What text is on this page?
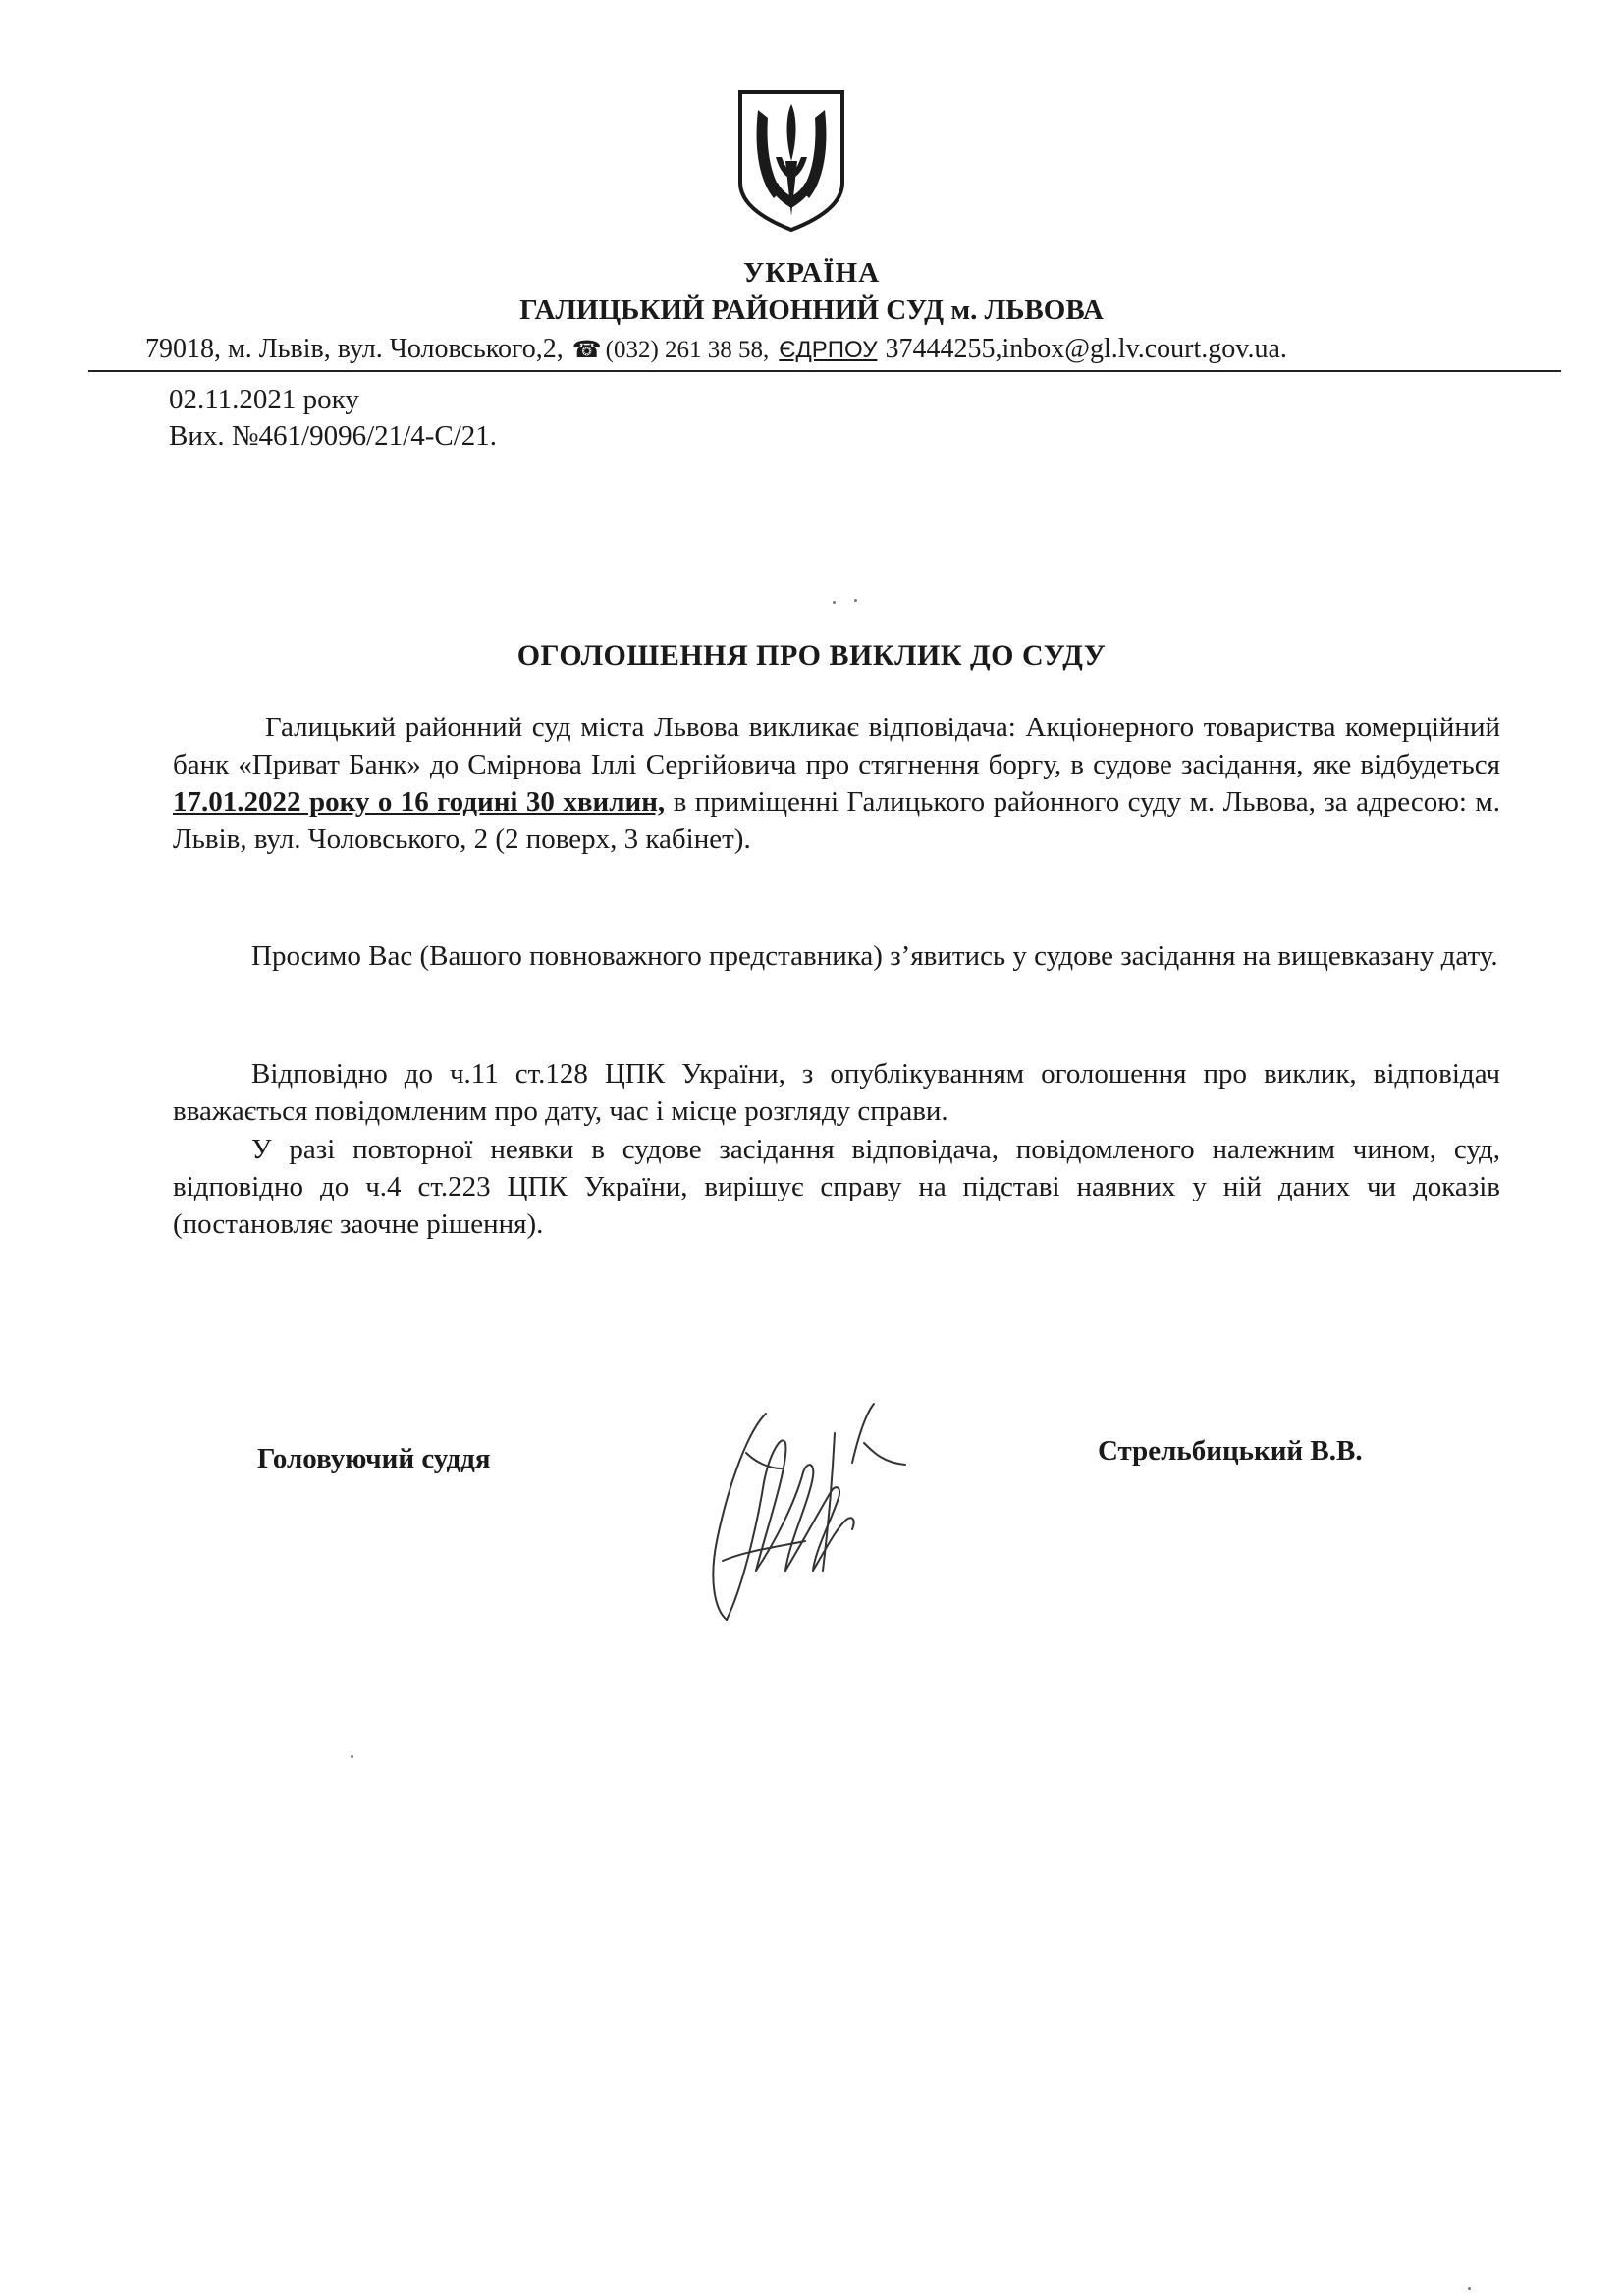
УКРАЇНА
ГАЛИЦЬКИЙ РАЙОННИЙ СУД м. ЛЬВОВА
79018, м. Львів, вул. Чоловського,2, ☎ (032) 261 38 58, ЄДРПОУ 37444255,inbox@gl.lv.court.gov.ua.
02.11.2021 року
Вих. №461/9096/21/4-С/21.
ОГОЛОШЕННЯ ПРО ВИКЛИК ДО СУДУ
Галицький районний суд міста Львова викликає відповідача: Акціонерного товариства комерційний банк «Приват Банк» до Смірнова Іллі Сергійовича про стягнення боргу, в судове засідання, яке відбудеться 17.01.2022 року о 16 годині 30 хвилин, в приміщенні Галицького районного суду м. Львова, за адресою: м. Львів, вул. Чоловського, 2 (2 поверх, 3 кабінет).
Просимо Вас (Вашого повноважного представника) з’явитись у судове засідання на вищевказану дату.
Відповідно до ч.11 ст.128 ЦПК України, з опублікуванням оголошення про виклик, відповідач вважається повідомленим про дату, час і місце розгляду справи.
У разі повторної неявки в судове засідання відповідача, повідомленого належним чином, суд, відповідно до ч.4 ст.223 ЦПК України, вирішує справу на підставі наявних у ній даних чи доказів (постановляє заочне рішення).
Головуючий суддя	Стрельбицький В.В.
